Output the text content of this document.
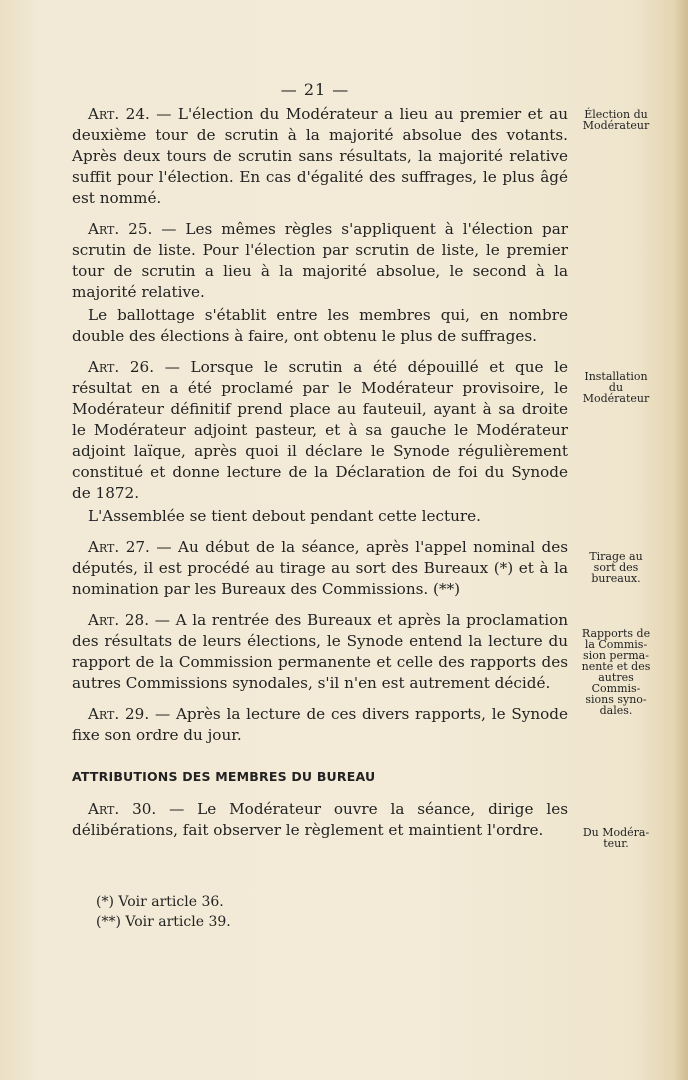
— 21 —

Art. 24. — L'élection du Modérateur a lieu au premier et au deuxième tour de scrutin à la majorité absolue des votants. Après deux tours de scrutin sans résultats, la majorité relative suffit pour l'élection. En cas d'égalité des suffrages, le plus âgé est nommé.

Art. 25. — Les mêmes règles s'appliquent à l'élection par scrutin de liste. Pour l'élection par scrutin de liste, le premier tour de scrutin a lieu à la majorité absolue, le second à la majorité relative.

Le ballottage s'établit entre les membres qui, en nombre double des élections à faire, ont obtenu le plus de suffrages.

Art. 26. — Lorsque le scrutin a été dépouillé et que le résultat en a été proclamé par le Modérateur provisoire, le Modérateur définitif prend place au fauteuil, ayant à sa droite le Modérateur adjoint pasteur, et à sa gauche le Modérateur adjoint laïque, après quoi il déclare le Synode régulièrement constitué et donne lecture de la Déclaration de foi du Synode de 1872.

L'Assemblée se tient debout pendant cette lecture.

Art. 27. — Au début de la séance, après l'appel nominal des députés, il est procédé au tirage au sort des Bureaux (*) et à la nomination par les Bureaux des Commissions. (**)

Art. 28. — A la rentrée des Bureaux et après la proclamation des résultats de leurs élections, le Synode entend la lecture du rapport de la Commission permanente et celle des rapports des autres Commissions synodales, s'il n'en est autrement décidé.

Art. 29. — Après la lecture de ces divers rapports, le Synode fixe son ordre du jour.

ATTRIBUTIONS DES MEMBRES DU BUREAU

Art. 30. — Le Modérateur ouvre la séance, dirige les délibérations, fait observer le règlement et maintient l'ordre.

Élection du
Modérateur
Installation
du
Modérateur
Tirage au
sort des
bureaux.
Rapports de
la Commis-
sion perma-
nente et des
autres
Commis-
sions syno-
dales.
Du Modéra-
teur.
(*) Voir article 36.
(**) Voir article 39.
